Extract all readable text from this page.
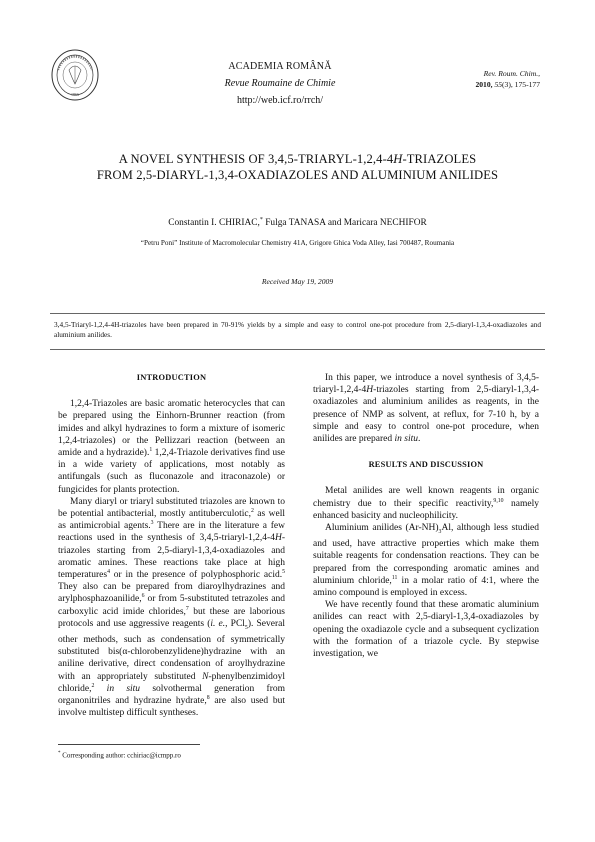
1866
ACADEMIA ROMÂNĂ
Revue Roumaine de Chimie
http://web.icf.ro/rrch/
Rev. Roum. Chim.,
2010, 55(3), 175-177
A NOVEL SYNTHESIS OF 3,4,5-TRIARYL-1,2,4-4H-TRIAZOLES
FROM 2,5-DIARYL-1,3,4-OXADIAZOLES AND ALUMINIUM ANILIDES
Constantin I. CHIRIAC,* Fulga TANASA and Maricara NECHIFOR
“Petru Poni” Institute of Macromolecular Chemistry 41A, Grigore Ghica Voda Alley, Iasi 700487, Roumania
Received May 19, 2009
3,4,5-Triaryl-1,2,4-4H-triazoles have been prepared in 70-91% yields by a simple and easy to control one-pot procedure from 2,5-diaryl-1,3,4-oxadiazoles and aluminium anilides.

INTRODUCTION

1,2,4-Triazoles are basic aromatic heterocycles that can be prepared using the Einhorn-Brunner reaction (from imides and alkyl hydrazines to form a mixture of isomeric 1,2,4-triazoles) or the Pellizzari reaction (between an amide and a hydrazide).$^1$ 1,2,4-Triazole derivatives find use in a wide variety of applications, most notably as antifungals (such as fluconazole and itraconazole) or fungicides for plants protection.

Many diaryl or triaryl substituted triazoles are known to be potential antibacterial, mostly antituberculotic,$^2$ as well as antimicrobial agents.$^3$ There are in the literature a few reactions used in the synthesis of 3,4,5-triaryl-1,2,4-4H-triazoles starting from 2,5-diaryl-1,3,4-oxadiazoles and aromatic amines. These reactions take place at high temperatures$^4$ or in the presence of polyphosphoric acid.$^5$ They also can be prepared from diaroylhydrazines and arylphosphazoanilide,$^6$ or from 5-substituted tetrazoles and carboxylic acid imide chlorides,$^7$ but these are laborious protocols and use aggressive reagents (i. e., PCl$_5$). Several other methods, such as condensation of symmetrically substituted bis(α-chlorobenzylidene)hydrazine with an aniline derivative, direct condensation of aroylhydrazine with an appropriately substituted N-phenylbenzimidoyl chloride,$^2$ in situ solvothermal generation from organonitriles and hydrazine hydrate,$^8$ are also used but involve multistep difficult syntheses.

In this paper, we introduce a novel synthesis of 3,4,5-triaryl-1,2,4-4H-triazoles starting from 2,5-diaryl-1,3,4-oxadiazoles and aluminium anilides as reagents, in the presence of NMP as solvent, at reflux, for 7-10 h, by a simple and easy to control one-pot procedure, when anilides are prepared in situ.

RESULTS AND DISCUSSION

Metal anilides are well known reagents in organic chemistry due to their specific reactivity,$^{9,10}$ namely enhanced basicity and nucleophilicity.

Aluminium anilides $(Ar-NH)_3Al$, although less studied and used, have attractive properties which make them suitable reagents for condensation reactions. They can be prepared from the corresponding aromatic amines and aluminium chloride,$^{11}$ in a molar ratio of 4:1, where the amino compound is employed in excess.

We have recently found that these aromatic aluminium anilides can react with 2,5-diaryl-1,3,4-oxadiazoles by opening the oxadiazole cycle and a subsequent cyclization with the formation of a triazole cycle. By stepwise investigation, we

* Corresponding author: cchiriac@icmpp.ro
